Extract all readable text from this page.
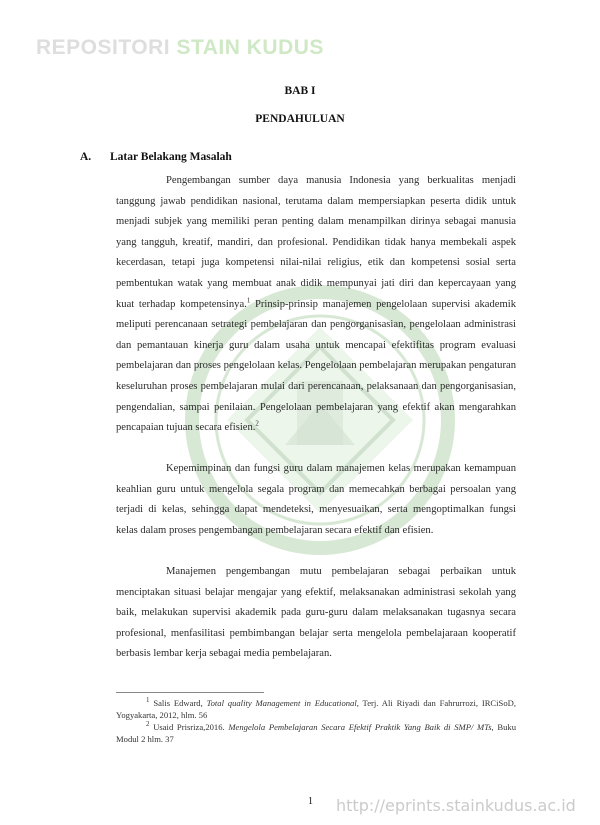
REPOSITORI STAIN KUDUS
BAB I
PENDAHULUAN
A. Latar Belakang Masalah

Pengembangan sumber daya manusia Indonesia yang berkualitas menjadi tanggung jawab pendidikan nasional, terutama dalam mempersiapkan peserta didik untuk menjadi subjek yang memiliki peran penting dalam menampilkan dirinya sebagai manusia yang tangguh, kreatif, mandiri, dan profesional. Pendidikan tidak hanya membekali aspek kecerdasan, tetapi juga kompetensi nilai-nilai religius, etik dan kompetensi sosial serta pembentukan watak yang membuat anak didik mempunyai jati diri dan kepercayaan yang kuat terhadap kompetensinya.$^1$ Prinsip-prinsip manajemen pengelolaan supervisi akademik meliputi perencanaan setrategi pembelajaran dan pengorganisasian, pengelolaan administrasi dan pemantauan kinerja guru dalam usaha untuk mencapai efektifitas program evaluasi pembelajaran dan proses pengelolaan kelas. Pengelolaan pembelajaran merupakan pengaturan keseluruhan proses pembelajaran mulai dari perencanaan, pelaksanaan dan pengorganisasian, pengendalian, sampai penilaian. Pengelolaan pembelajaran yang efektif akan mengarahkan pencapaian tujuan secara efisien.$^2$

Kepemimpinan dan fungsi guru dalam manajemen kelas merupakan kemampuan keahlian guru untuk mengelola segala program dan memecahkan berbagai persoalan yang terjadi di kelas, sehingga dapat mendeteksi, menyesuaikan, serta mengoptimalkan fungsi kelas dalam proses pengembangan pembelajaran secara efektif dan efisien.

Manajemen pengembangan mutu pembelajaran sebagai perbaikan untuk menciptakan situasi belajar mengajar yang efektif, melaksanakan administrasi sekolah yang baik, melakukan supervisi akademik pada guru-guru dalam melaksanakan tugasnya secara profesional, menfasilitasi pembimbangan belajar serta mengelola pembelajaraan kooperatif berbasis lembar kerja sebagai media pembelajaran.

$^1$ Salis Edward, Total quality Management in Educational, Terj. Ali Riyadi dan Fahrurrozi, IRCiSoD, Yogyakarta, 2012, hlm. 56

$^2$ Usaid Prisriza,2016. Mengelola Pembelajaran Secara Efektif Praktik Yang Baik di SMP/ MTs, Buku Modul 2 hlm. 37

1 http://eprints.stainkudus.ac.id
